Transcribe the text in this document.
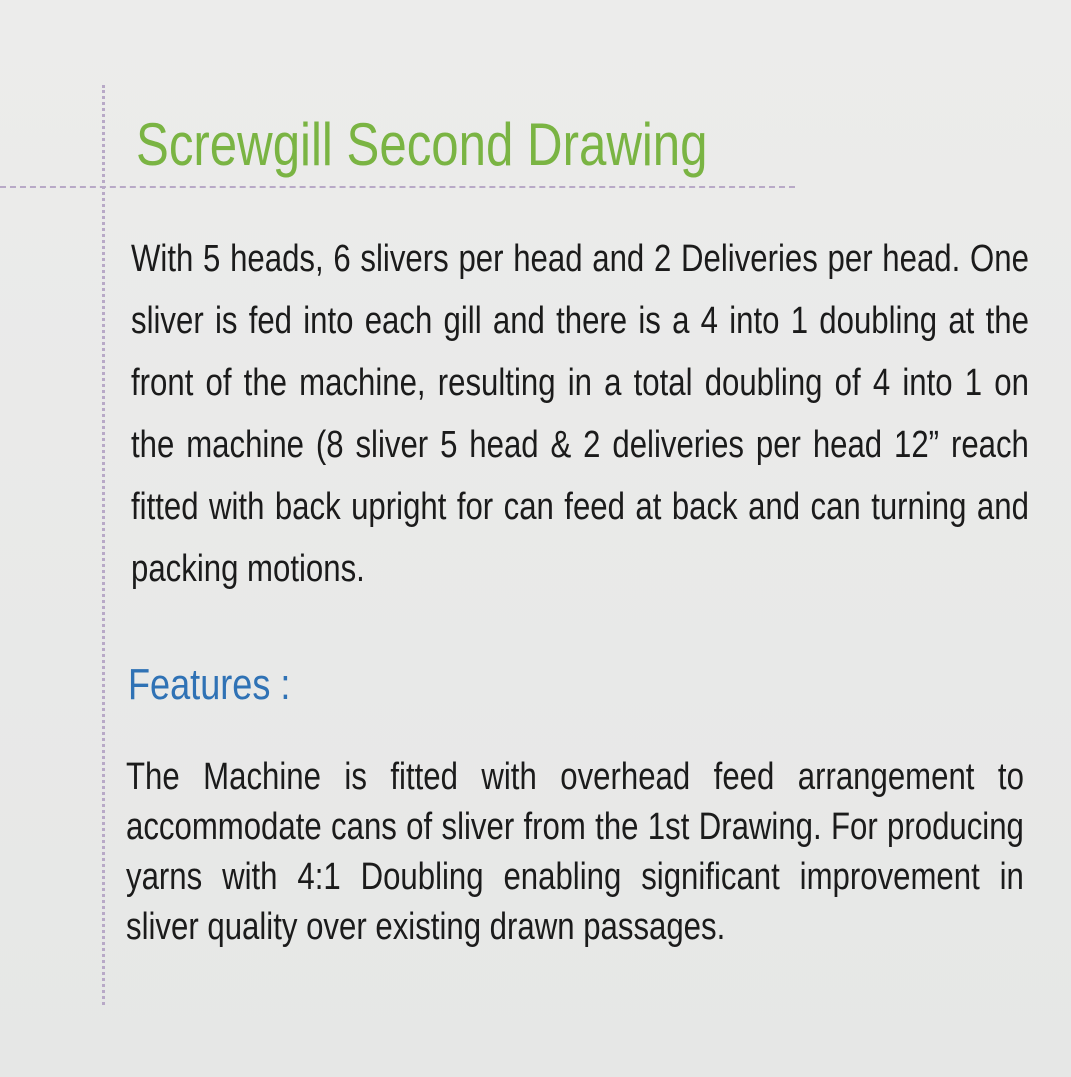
Screwgill Second Drawing

With 5 heads, 6 slivers per head and 2 Deliveries per head. One sliver is fed into each gill and there is a 4 into 1 doubling at the front of the machine, resulting in a total doubling of 4 into 1 on the machine (8 sliver 5 head & 2 deliveries per head 12” reach fitted with back upright for can feed at back and can turning and packing motions.

Features :

The Machine is fitted with overhead feed arrangement to accommodate cans of sliver from the 1st Drawing. For producing yarns with 4:1 Doubling enabling significant improvement in sliver quality over existing drawn passages.
